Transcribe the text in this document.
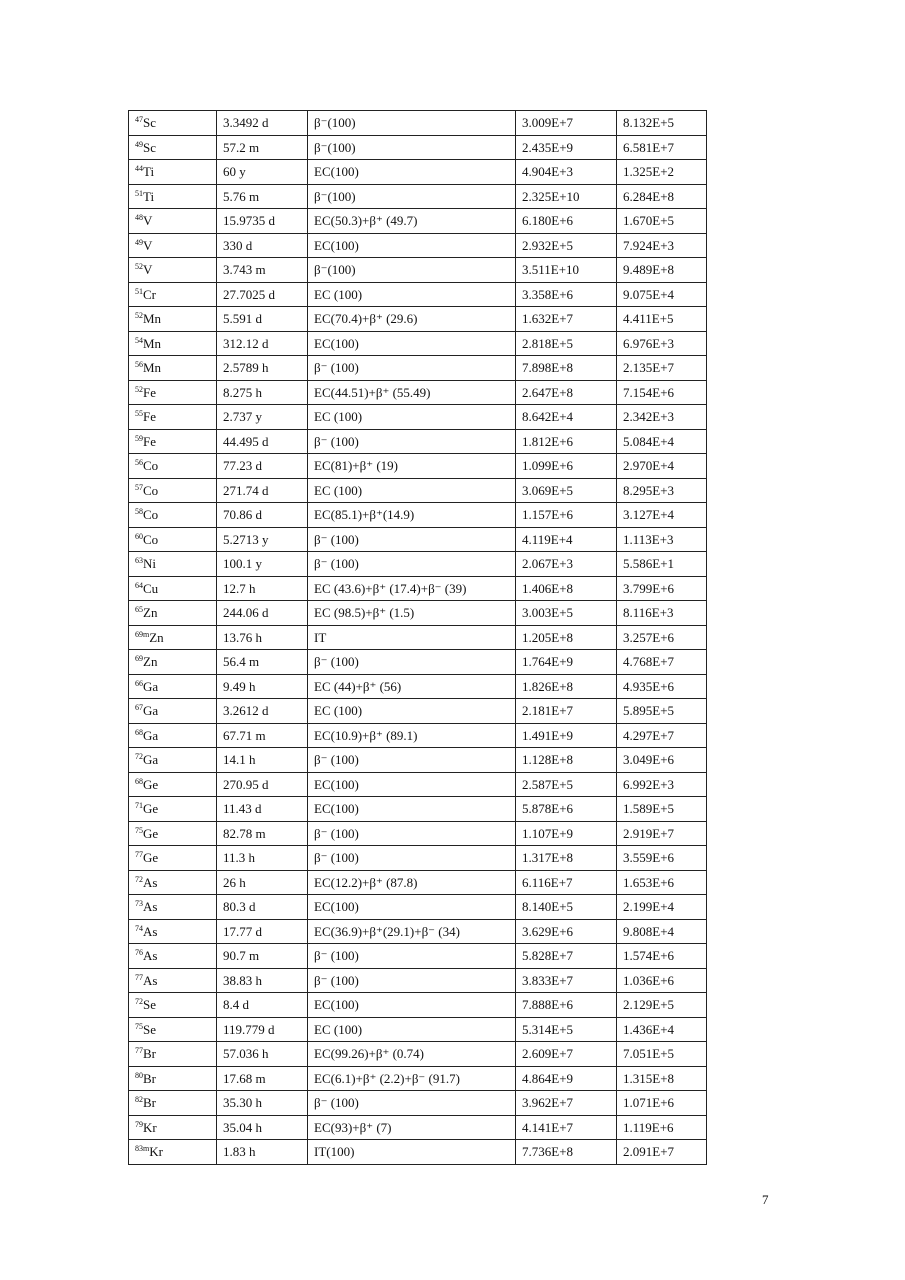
$^{47}$Sc	3.3492 d	β⁻(100)	3.009E+7	8.132E+5
$^{49}$Sc	57.2 m	β⁻(100)	2.435E+9	6.581E+7
$^{44}$Ti	60 y	EC(100)	4.904E+3	1.325E+2
$^{51}$Ti	5.76 m	β⁻(100)	2.325E+10	6.284E+8
$^{48}$V	15.9735 d	EC(50.3)+β⁺ (49.7)	6.180E+6	1.670E+5
$^{49}$V	330 d	EC(100)	2.932E+5	7.924E+3
$^{52}$V	3.743 m	β⁻(100)	3.511E+10	9.489E+8
$^{51}$Cr	27.7025 d	EC (100)	3.358E+6	9.075E+4
$^{52}$Mn	5.591 d	EC(70.4)+β⁺ (29.6)	1.632E+7	4.411E+5
$^{54}$Mn	312.12 d	EC(100)	2.818E+5	6.976E+3
$^{56}$Mn	2.5789 h	β⁻ (100)	7.898E+8	2.135E+7
$^{52}$Fe	8.275 h	EC(44.51)+β⁺ (55.49)	2.647E+8	7.154E+6
$^{55}$Fe	2.737 y	EC (100)	8.642E+4	2.342E+3
$^{59}$Fe	44.495 d	β⁻ (100)	1.812E+6	5.084E+4
$^{56}$Co	77.23 d	EC(81)+β⁺ (19)	1.099E+6	2.970E+4
$^{57}$Co	271.74 d	EC (100)	3.069E+5	8.295E+3
$^{58}$Co	70.86 d	EC(85.1)+β⁺(14.9)	1.157E+6	3.127E+4
$^{60}$Co	5.2713 y	β⁻ (100)	4.119E+4	1.113E+3
$^{63}$Ni	100.1 y	β⁻ (100)	2.067E+3	5.586E+1
$^{64}$Cu	12.7 h	EC (43.6)+β⁺ (17.4)+β⁻ (39)	1.406E+8	3.799E+6
$^{65}$Zn	244.06 d	EC (98.5)+β⁺ (1.5)	3.003E+5	8.116E+3
$^{69m}$Zn	13.76 h	IT	1.205E+8	3.257E+6
$^{69}$Zn	56.4 m	β⁻ (100)	1.764E+9	4.768E+7
$^{66}$Ga	9.49 h	EC (44)+β⁺ (56)	1.826E+8	4.935E+6
$^{67}$Ga	3.2612 d	EC (100)	2.181E+7	5.895E+5
$^{68}$Ga	67.71 m	EC(10.9)+β⁺ (89.1)	1.491E+9	4.297E+7
$^{72}$Ga	14.1 h	β⁻ (100)	1.128E+8	3.049E+6
$^{68}$Ge	270.95 d	EC(100)	2.587E+5	6.992E+3
$^{71}$Ge	11.43 d	EC(100)	5.878E+6	1.589E+5
$^{75}$Ge	82.78 m	β⁻ (100)	1.107E+9	2.919E+7
$^{77}$Ge	11.3 h	β⁻ (100)	1.317E+8	3.559E+6
$^{72}$As	26 h	EC(12.2)+β⁺ (87.8)	6.116E+7	1.653E+6
$^{73}$As	80.3 d	EC(100)	8.140E+5	2.199E+4
$^{74}$As	17.77 d	EC(36.9)+β⁺(29.1)+β⁻ (34)	3.629E+6	9.808E+4
$^{76}$As	90.7 m	β⁻ (100)	5.828E+7	1.574E+6
$^{77}$As	38.83 h	β⁻ (100)	3.833E+7	1.036E+6
$^{72}$Se	8.4 d	EC(100)	7.888E+6	2.129E+5
$^{75}$Se	119.779 d	EC (100)	5.314E+5	1.436E+4
$^{77}$Br	57.036 h	EC(99.26)+β⁺ (0.74)	2.609E+7	7.051E+5
$^{80}$Br	17.68 m	EC(6.1)+β⁺ (2.2)+β⁻ (91.7)	4.864E+9	1.315E+8
$^{82}$Br	35.30 h	β⁻ (100)	3.962E+7	1.071E+6
$^{79}$Kr	35.04 h	EC(93)+β⁺ (7)	4.141E+7	1.119E+6
$^{83m}$Kr	1.83 h	IT(100)	7.736E+8	2.091E+7
7
